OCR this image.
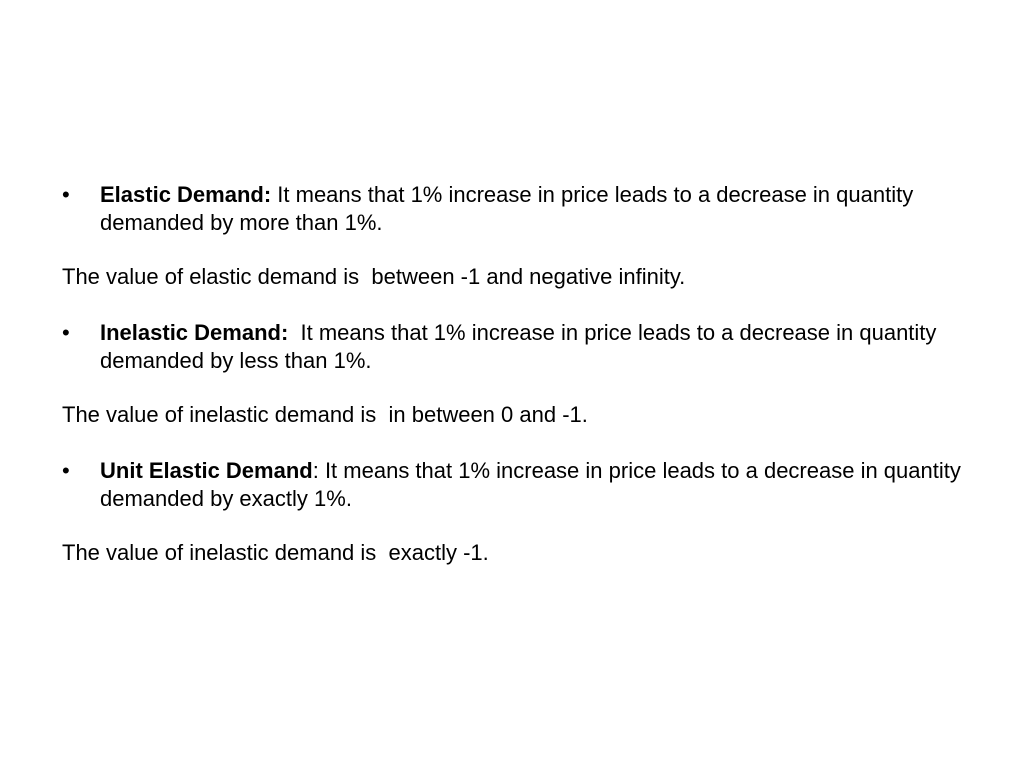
•	Elastic Demand: It means that 1% increase in price leads to a decrease in quantity demanded by more than 1%.

The value of elastic demand is  between -1 and negative infinity.

•	Inelastic Demand:  It means that 1% increase in price leads to a decrease in quantity demanded by less than 1%.

The value of inelastic demand is  in between 0 and -1.

•	Unit Elastic Demand: It means that 1% increase in price leads to a decrease in quantity demanded by exactly 1%.

The value of inelastic demand is  exactly -1.
